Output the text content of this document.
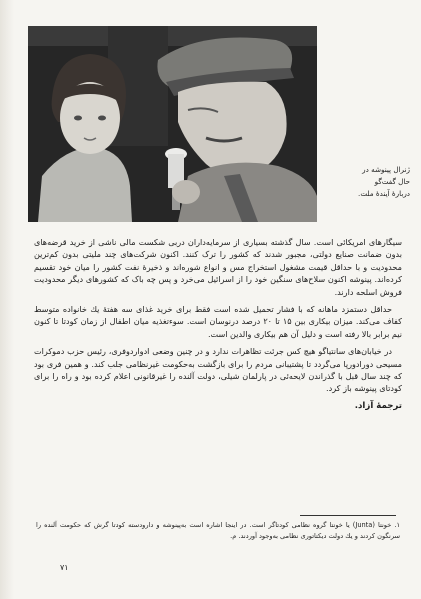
ژنرال پینوشه در
حال گفت‌گو
دربارهٔ آیندهٔ ملت.

سیگارهای امریکائی است. سال گذشته بسیاری از سرمایه‌داران دربی شکست مالی ناشی از خرید قرضه‌های بدون ضمانت صنایع دولتی، مجبور شدند که کشور را ترک کنند. اکنون شرکت‌های چند ملیتی بدون کم‌ترین محدودیت و با حداقل قیمت مشغول استخراج مس و انواع شوره‌اند و ذخیرهٔ نفت کشور را میان خود تقسیم کرده‌اند. پینوشه اکنون سلاح‌های سنگین خود را از اسرائیل می‌خرد و پس چه باک که کشورهای دیگر محدودیت فروش اسلحه دارند.

حداقل دستمزد ماهانه که با فشار تحمیل شده است فقط برای خرید غذای سه هفتهٔ یك خانواده متوسط کفاف می‌کند. میزان بیکاری بین ۱۵ تا ۲۰ درصد درنوسان است. سوءتغذیه میان اطفال از زمان کودتا تا کنون نیم برابر بالا رفته است و دلیل آن هم بیکاری والدین است.

در خیابان‌های سانتیاگو هیچ کس جرئت تظاهرات ندارد و در چنین وضعی ادواردوفری، رئیس حزب دموکرات مسیحی دورادورپا می‌گردد تا پشتیبانی مردم را برای بازگشت به‌حکومت غیرنظامی جلب کند. و همین فری بود که چند سال قبل با گذراندن لایحه‌ئی در پارلمان شیلی، دولت آلنده را غیرقانونی اعلام کرده‌ بود و راه را برای کودتای پینوشه باز کرد.

ترجمهٔ آزاد.
۱. خونتا (Junta) یا خونتا گروه نظامی کودتاگر است. در اینجا اشاره است به‌پینوشه و دارودسته کودتا گرش که حکومت آلنده را سرنگون کردند و یك دولت دیکتاتوری نظامی به‌وجود آوردند. م.
۷۱
